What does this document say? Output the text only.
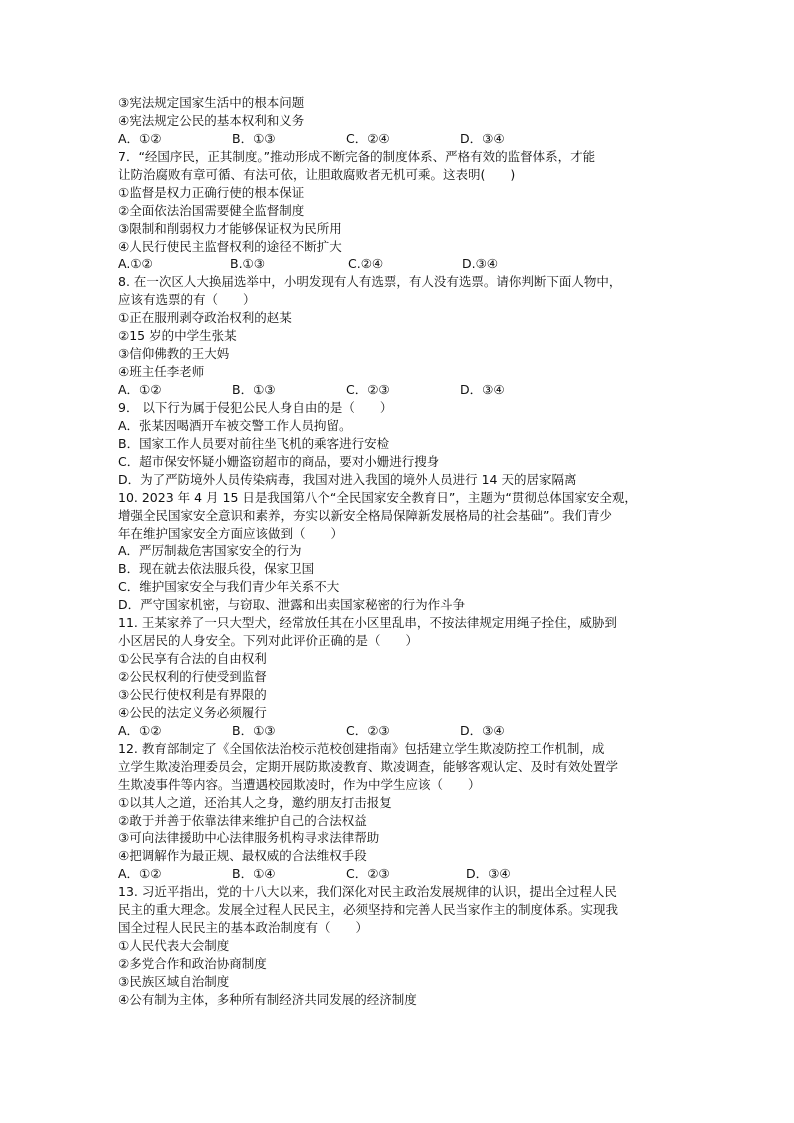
③宪法规定国家生活中的根本问题
④宪法规定公民的基本权利和义务
A．①②	B．①③	C．②④	D．③④
7．“经国序民，正其制度。”推动形成不断完备的制度体系、严格有效的监督体系，才能
让防治腐败有章可循、有法可依，让胆敢腐败者无机可乘。这表明(　　)
①监督是权力正确行使的根本保证
②全面依法治国需要健全监督制度
③限制和削弱权力才能够保证权为民所用
④人民行使民主监督权利的途径不断扩大
A.①②	B.①③	C.②④	D.③④
8. 在一次区人大换届选举中，小明发现有人有选票，有人没有选票。请你判断下面人物中，
应该有选票的有（　　）
①正在服刑剥夺政治权利的赵某
②15 岁的中学生张某
③信仰佛教的王大妈
④班主任李老师
A．①②	B．①③	C．②③	D．③④
9． 以下行为属于侵犯公民人身自由的是（　　）
A．张某因喝酒开车被交警工作人员拘留。
B．国家工作人员要对前往坐飞机的乘客进行安检
C．超市保安怀疑小姗盗窃超市的商品，要对小姗进行搜身
D．为了严防境外人员传染病毒，我国对进入我国的境外人员进行 14 天的居家隔离
10. 2023 年 4 月 15 日是我国第八个“全民国家安全教育日”，主题为“贯彻总体国家安全观，
增强全民国家安全意识和素养，夯实以新安全格局保障新发展格局的社会基础”。我们青少
年在维护国家安全方面应该做到（　　）
A．严厉制裁危害国家安全的行为
B．现在就去依法服兵役，保家卫国
C．维护国家安全与我们青少年关系不大
D．严守国家机密，与窃取、泄露和出卖国家秘密的行为作斗争
11. 王某家养了一只大型犬，经常放任其在小区里乱串，不按法律规定用绳子拴住，威胁到
小区居民的人身安全。下列对此评价正确的是（　　）
①公民享有合法的自由权利
②公民权利的行使受到监督
③公民行使权利是有界限的
④公民的法定义务必须履行
A．①②	B．①③	C．②③	D．③④
12. 教育部制定了《全国依法治校示范校创建指南》包括建立学生欺凌防控工作机制，成
立学生欺凌治理委员会，定期开展防欺凌教育、欺凌调查，能够客观认定、及时有效处置学
生欺凌事件等内容。当遭遇校园欺凌时，作为中学生应该（　　）
①以其人之道，还治其人之身，邀约朋友打击报复
②敢于并善于依靠法律来维护自己的合法权益
③可向法律援助中心法律服务机构寻求法律帮助
④把调解作为最正规、最权威的合法维权手段
A．①②	B．①④	C．②③	D．③④
13. 习近平指出，党的十八大以来，我们深化对民主政治发展规律的认识，提出全过程人民
民主的重大理念。发展全过程人民民主，必须坚持和完善人民当家作主的制度体系。实现我
国全过程人民民主的基本政治制度有（　　）
①人民代表大会制度
②多党合作和政治协商制度
③民族区域自治制度
④公有制为主体，多种所有制经济共同发展的经济制度
